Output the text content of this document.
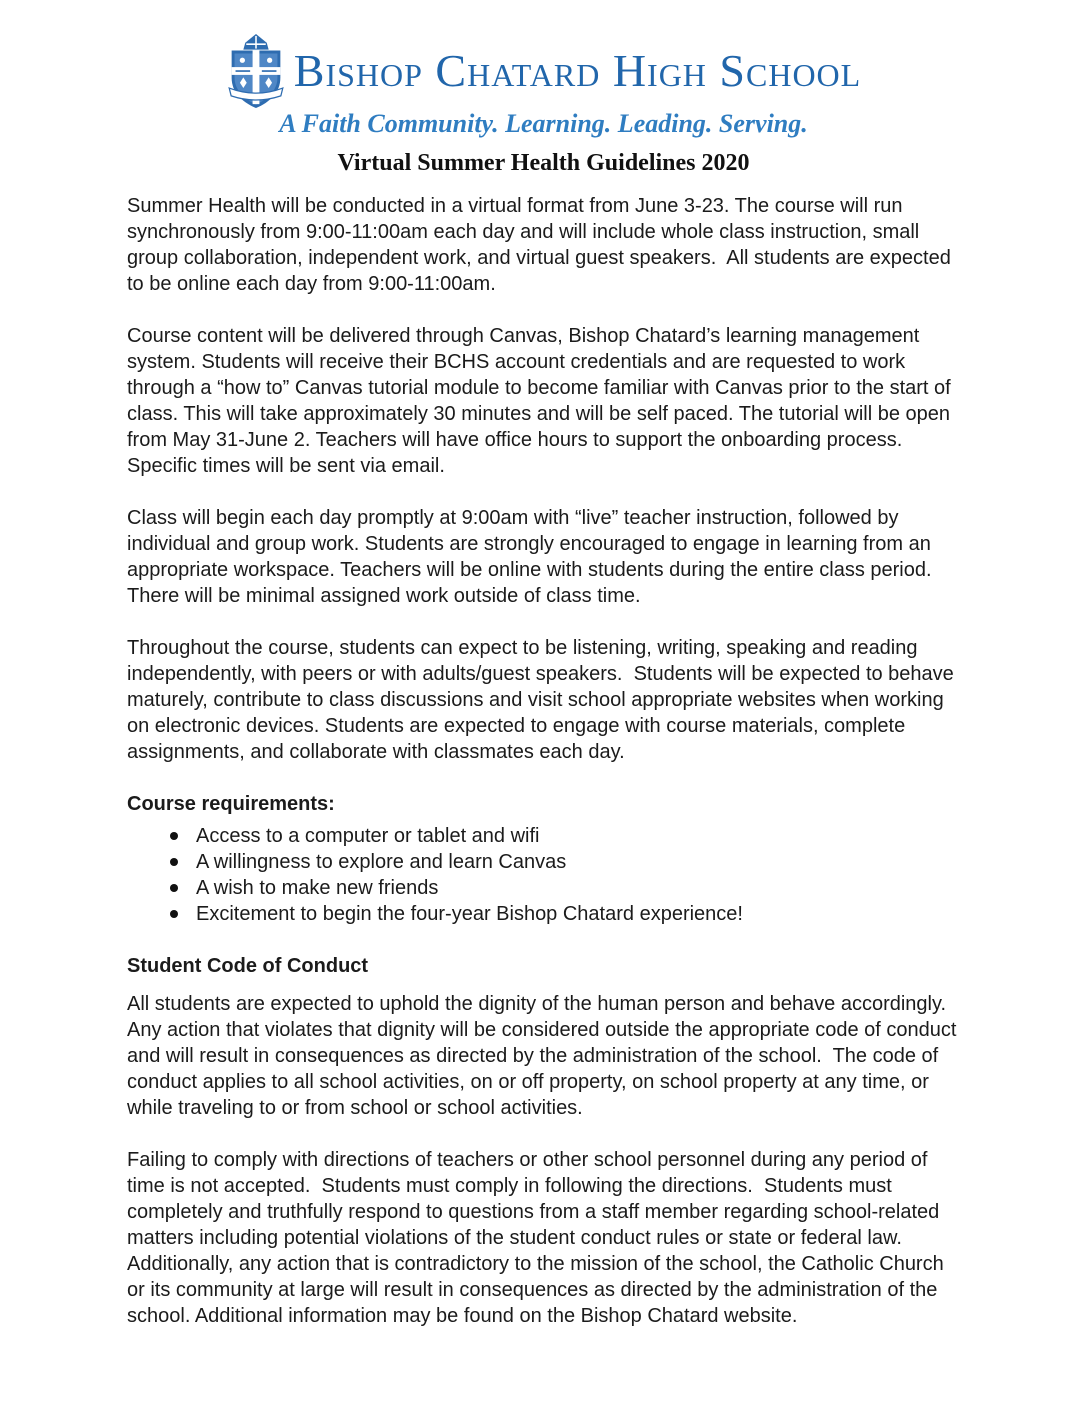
Bishop Chatard High School
A Faith Community. Learning. Leading. Serving.
Virtual Summer Health Guidelines 2020

Summer Health will be conducted in a virtual format from June 3-23. The course will run synchronously from 9:00-11:00am each day and will include whole class instruction, small group collaboration, independent work, and virtual guest speakers.  All students are expected to be online each day from 9:00-11:00am.

Course content will be delivered through Canvas, Bishop Chatard’s learning management system. Students will receive their BCHS account credentials and are requested to work through a “how to” Canvas tutorial module to become familiar with Canvas prior to the start of class. This will take approximately 30 minutes and will be self paced. The tutorial will be open from May 31-June 2. Teachers will have office hours to support the onboarding process. Specific times will be sent via email.

Class will begin each day promptly at 9:00am with “live” teacher instruction, followed by individual and group work. Students are strongly encouraged to engage in learning from an appropriate workspace. Teachers will be online with students during the entire class period. There will be minimal assigned work outside of class time.

Throughout the course, students can expect to be listening, writing, speaking and reading independently, with peers or with adults/guest speakers.  Students will be expected to behave maturely, contribute to class discussions and visit school appropriate websites when working on electronic devices. Students are expected to engage with course materials, complete assignments, and collaborate with classmates each day.

Course requirements:
Access to a computer or tablet and wifi
A willingness to explore and learn Canvas
A wish to make new friends
Excitement to begin the four-year Bishop Chatard experience!
Student Code of Conduct

All students are expected to uphold the dignity of the human person and behave accordingly. Any action that violates that dignity will be considered outside the appropriate code of conduct and will result in consequences as directed by the administration of the school.  The code of conduct applies to all school activities, on or off property, on school property at any time, or while traveling to or from school or school activities.

Failing to comply with directions of teachers or other school personnel during any period of time is not accepted.  Students must comply in following the directions.  Students must completely and truthfully respond to questions from a staff member regarding school-related matters including potential violations of the student conduct rules or state or federal law. Additionally, any action that is contradictory to the mission of the school, the Catholic Church or its community at large will result in consequences as directed by the administration of the school. Additional information may be found on the Bishop Chatard website.
